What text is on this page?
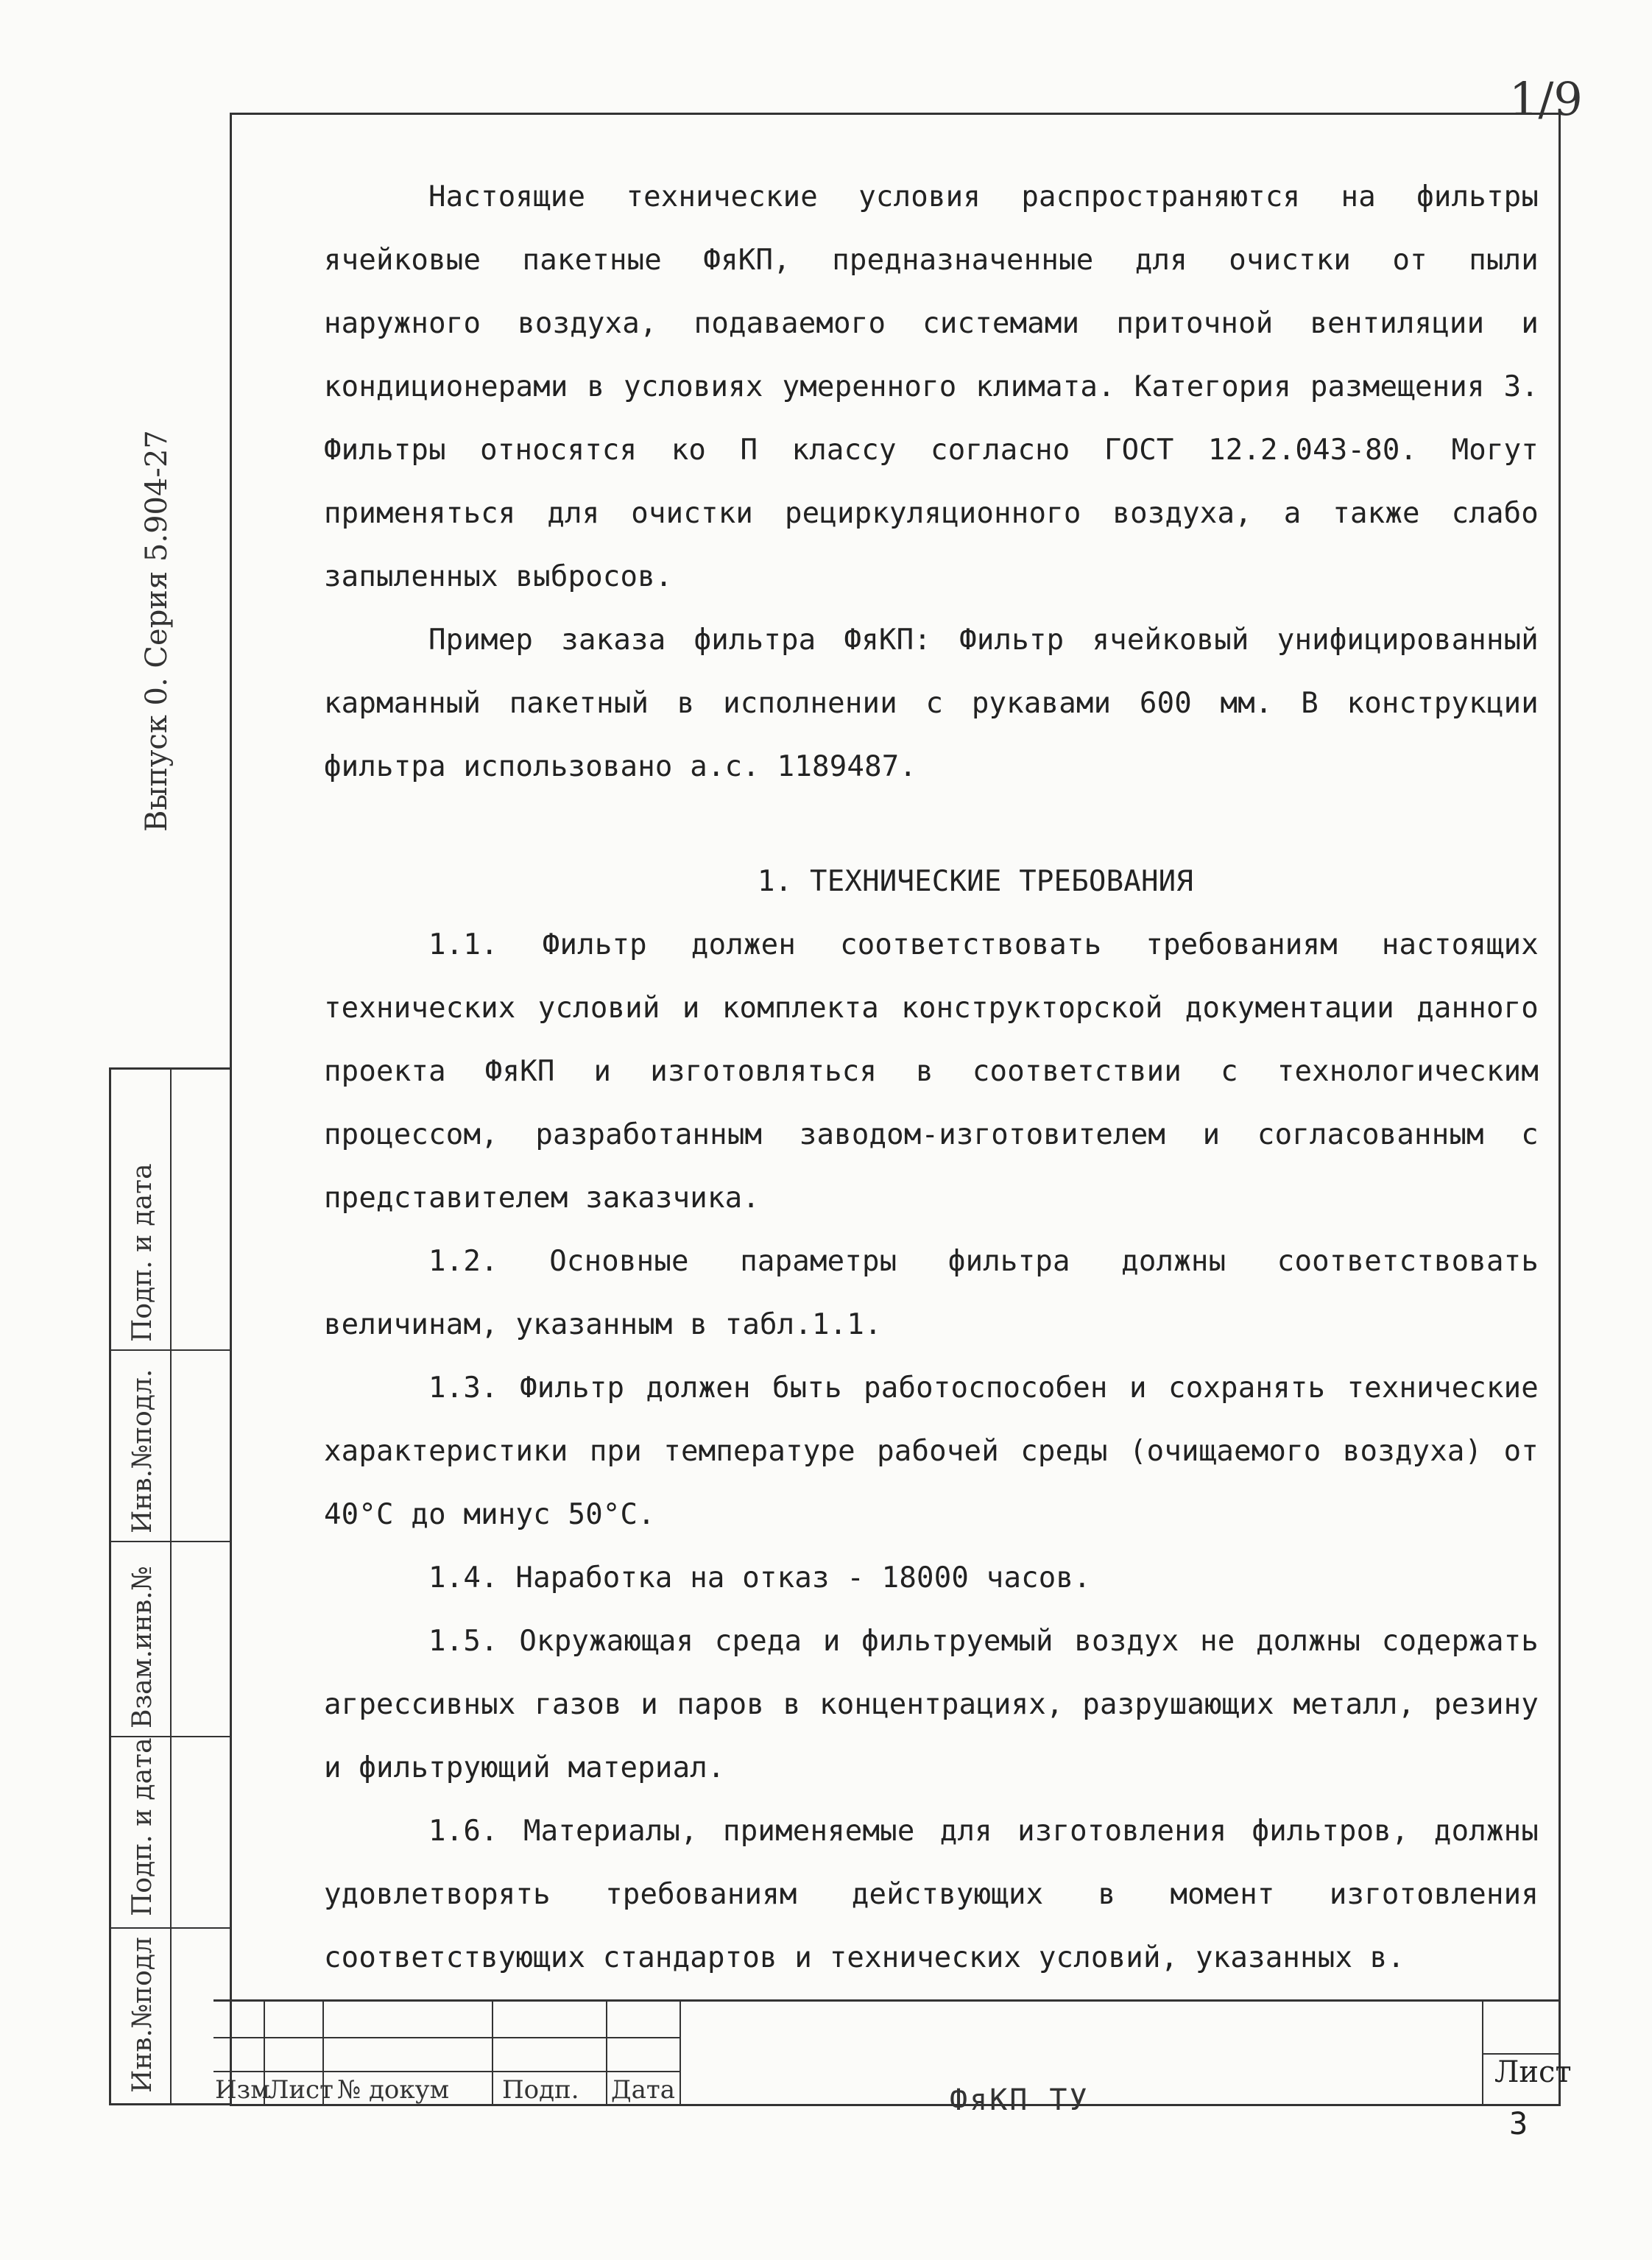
1/9
Выпуск 0. Серия 5.904-27
Инв.№подл
Подп. и дата
Взам.инв.№
Инв.№подл.
Подп. и дата

Настоящие технические условия распространяются на фильтры ячейковые пакетные ФяКП, предназначенные для очистки от пыли наружного воздуха, подаваемого системами приточной вентиляции и кондиционерами в условиях умеренного климата. Категория размещения 3. Фильтры относятся ко П классу согласно ГОСТ 12.2.043-80. Могут применяться для очистки рециркуляционного воздуха, а также слабо запыленных выбросов.

Пример заказа фильтра ФяКП: Фильтр ячейковый унифицированный карманный пакетный в исполнении с рукавами 600 мм. В конструкции фильтра использовано а.с. 1189487.

1. ТЕХНИЧЕСКИЕ ТРЕБОВАНИЯ

1.1. Фильтр должен соответствовать требованиям настоящих технических условий и комплекта конструкторской документации данного проекта ФяКП и изготовляться в соответствии с технологическим процессом, разработанным заводом-изготовителем и согласованным с представителем заказчика.

1.2. Основные параметры фильтра должны соответствовать величинам, указанным в табл.1.1.

1.3. Фильтр должен быть работоспособен и сохранять технические характеристики при температуре рабочей среды (очищаемого воздуха) от 40°С до минус 50°С.

1.4. Наработка на отказ - 18000 часов.

1.5. Окружающая среда и фильтруемый воздух не должны содержать агрессивных газов и паров в концентрациях, разрушающих металл, резину и фильтрующий материал.

1.6. Материалы, применяемые для изготовления фильтров, должны удовлетворять требованиям действующих в момент изготовления соответствующих стандартов и технических условий, указанных в.

Изм
Лист № докум Подп. Дата	ФяКП ТУ
Лист
3
